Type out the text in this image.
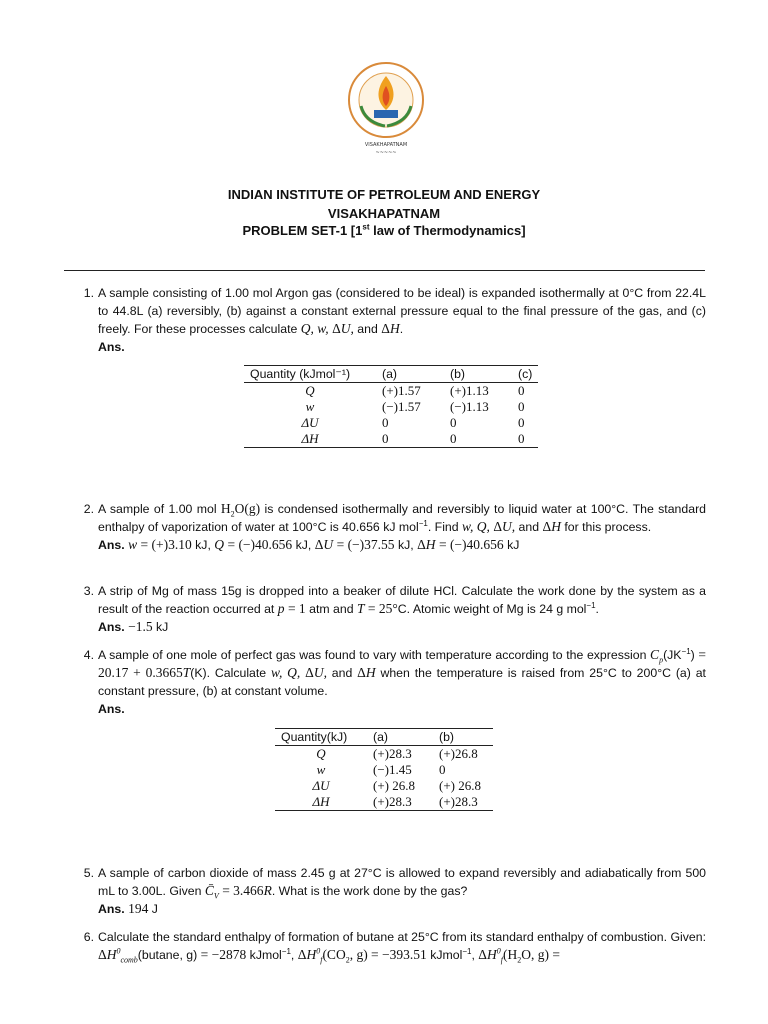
VISAKHAPATNAM
~~~~~
INDIAN INSTITUTE OF PETROLEUM AND ENERGY
VISAKHAPATNAM
PROBLEM SET-1 [1st law of Thermodynamics]
1. A sample consisting of 1.00 mol Argon gas (considered to be ideal) is expanded isothermally at 0°C from 22.4L to 44.8L (a) reversibly, (b) against a constant external pressure equal to the final pressure of the gas, and (c) freely. For these processes calculate Q, w, ΔU, and ΔH.
Ans.
Quantity (kJmol⁻¹)	(a)	(b)	(c)
Q	(+)1.57	(+)1.13	0
w	(−)1.57	(−)1.13	0
ΔU	0	0	0
ΔH	0	0	0
2. A sample of 1.00 mol $H_2O(g)$ is condensed isothermally and reversibly to liquid water at 100°C. The standard enthalpy of vaporization of water at 100°C is 40.656 kJ mol$^{-1}$. Find w, Q, ΔU, and ΔH for this process.
Ans. w = (+)3.10 kJ, Q = (−)40.656 kJ, ΔU = (−)37.55 kJ, ΔH = (−)40.656 kJ
3. A strip of Mg of mass 15g is dropped into a beaker of dilute HCl. Calculate the work done by the system as a result of the reaction occurred at p = 1 atm and T = 25°C. Atomic weight of Mg is 24 g mol$^{-1}$.
Ans. −1.5 kJ
4. A sample of one mole of perfect gas was found to vary with temperature according to the expression $C_p(JK^{-1}) = 20.17 + 0.3665T(K)$. Calculate w, Q, ΔU, and ΔH when the temperature is raised from 25°C to 200°C (a) at constant pressure, (b) at constant volume.
Ans.
Quantity(kJ)	(a)	(b)
Q	(+)28.3	(+)26.8
w	(−)1.45	0
ΔU	(+) 26.8	(+) 26.8
ΔH	(+)28.3	(+)28.3
5. A sample of carbon dioxide of mass 2.45 g at 27°C is allowed to expand reversibly and adiabatically from 500 mL to 3.00L. Given $C̄_V = 3.466R$. What is the work done by the gas?
Ans. 194 J
6. Calculate the standard enthalpy of formation of butane at 25°C from its standard enthalpy of combustion. Given: $\Delta H^0_{comb}(butane$, g) = −2878 kJmol$^{-1}$, $\Delta H^0_f(CO_2$, g) = −393.51 kJmol$^{-1}$, $\Delta H^0_f(H_2O$, g) =
